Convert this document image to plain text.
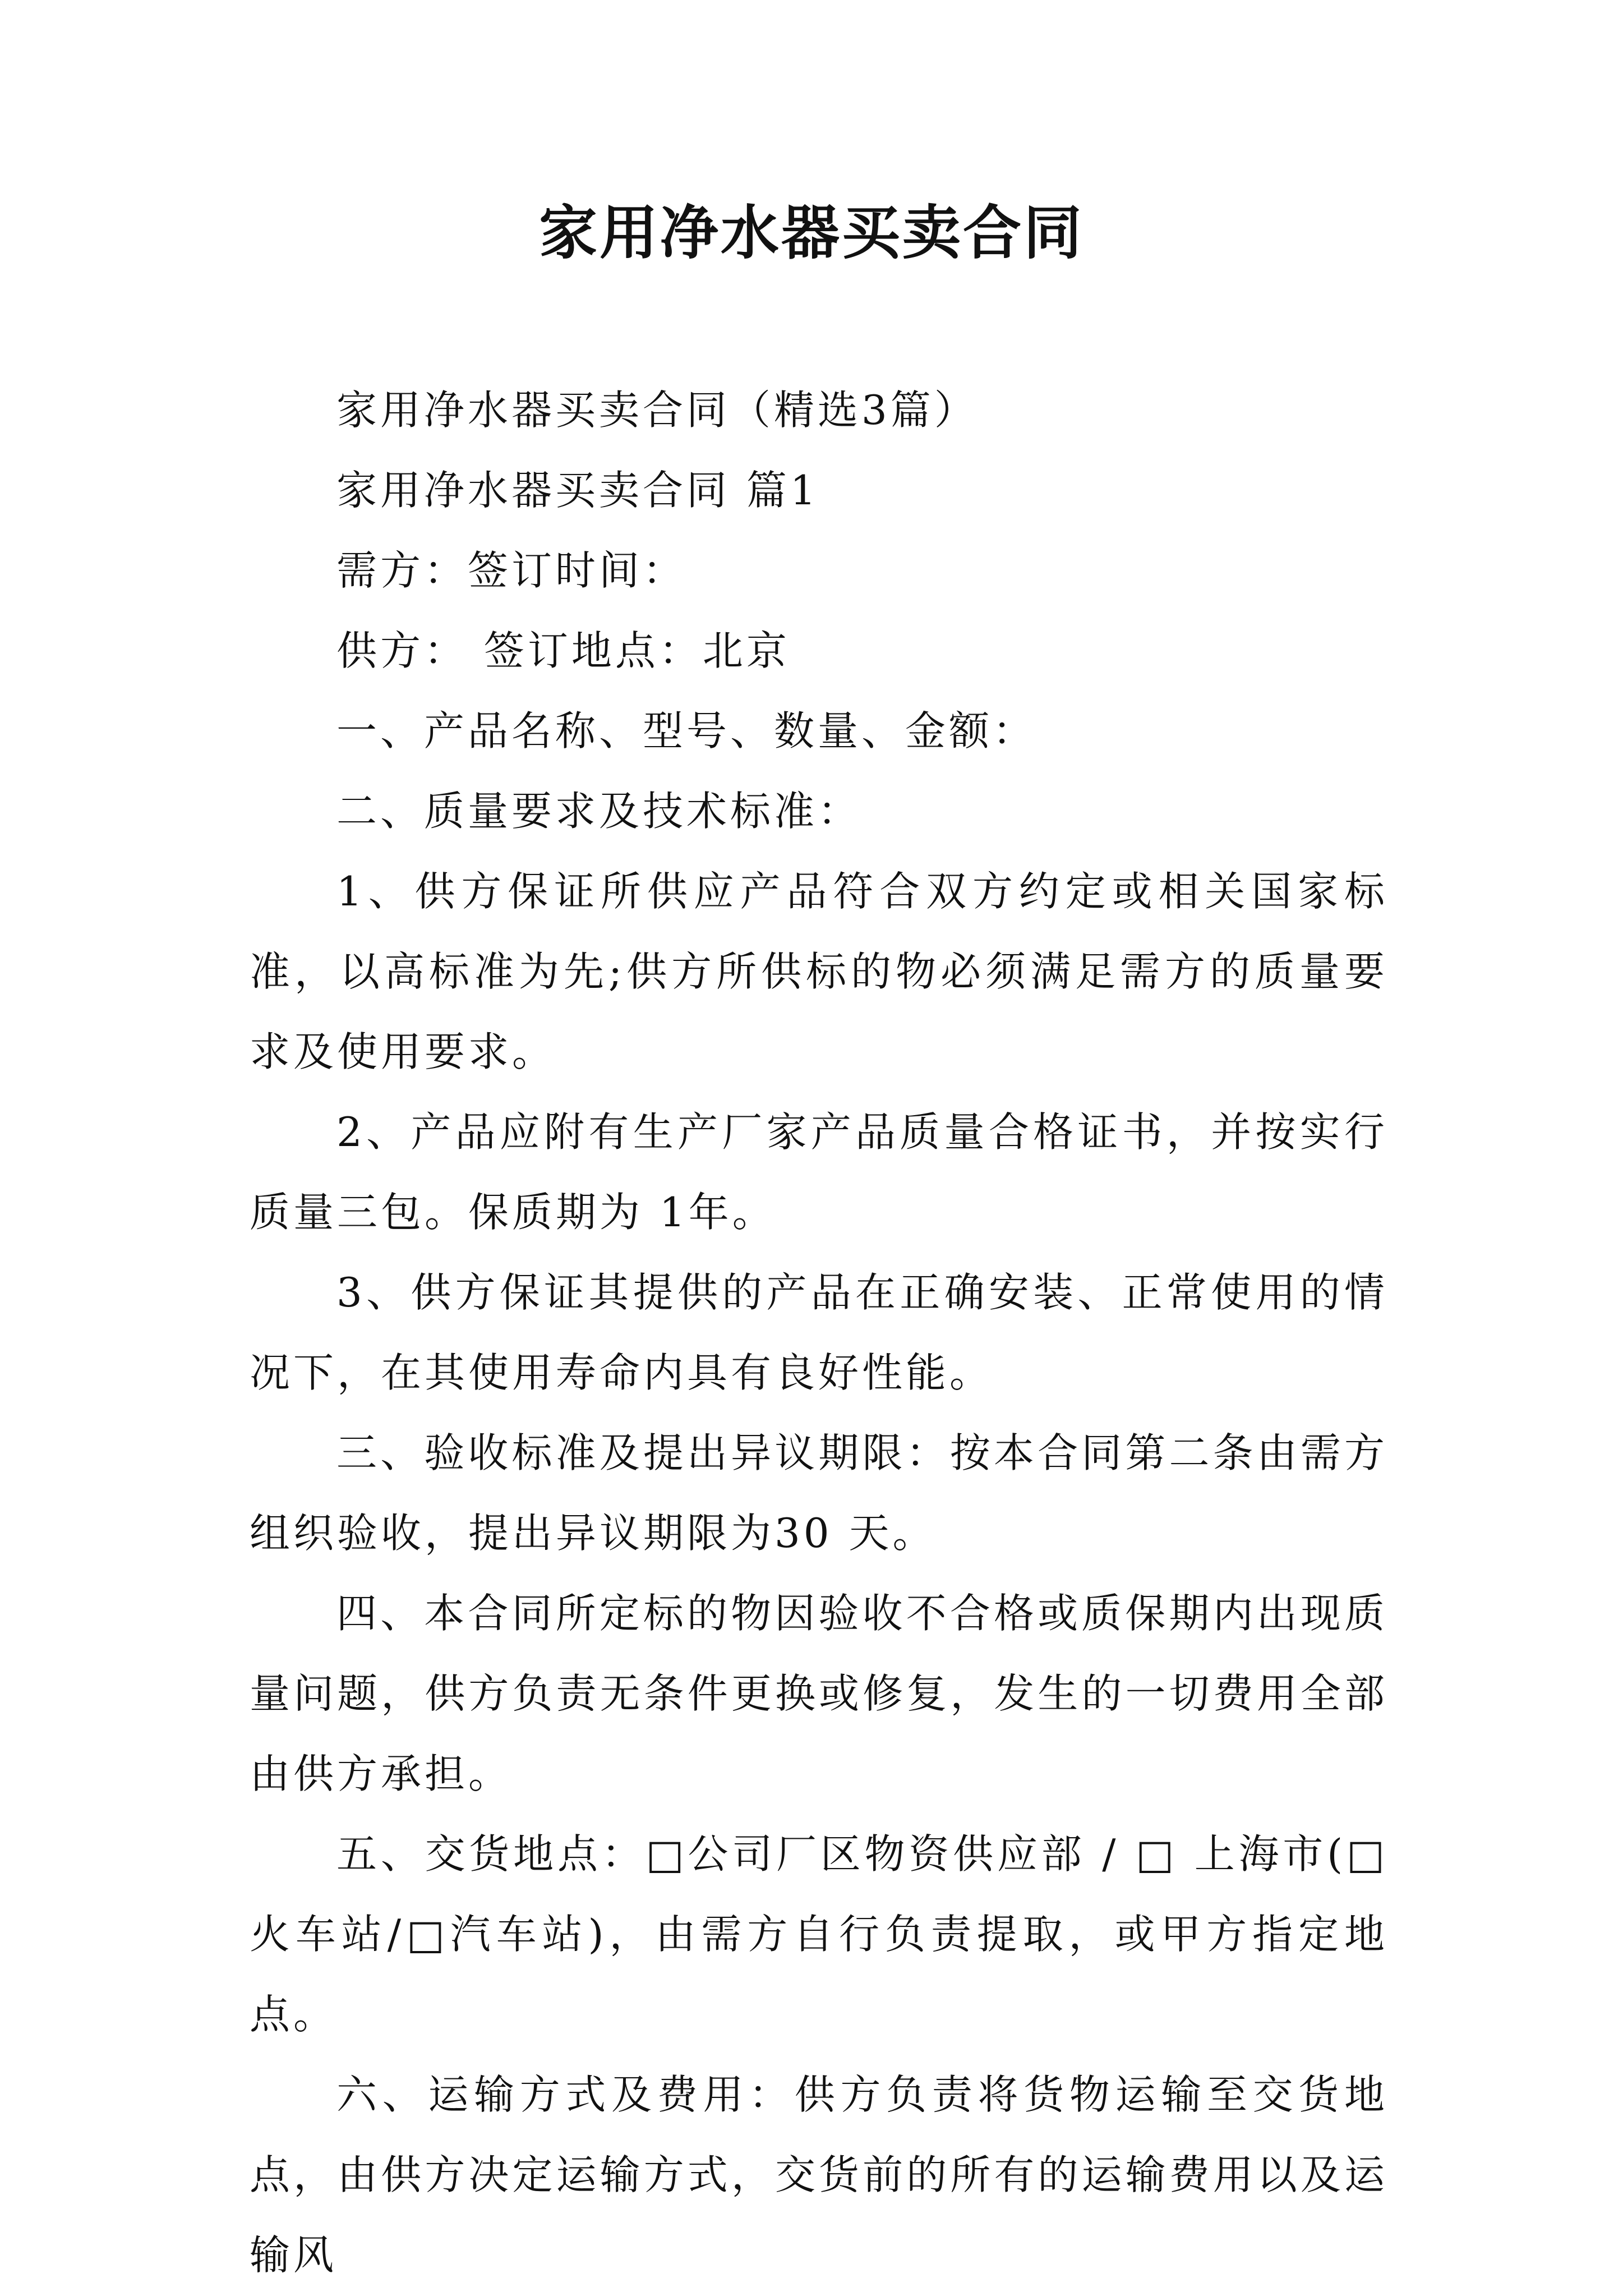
家用净水器买卖合同

家用净水器买卖合同（精选3篇）

家用净水器买卖合同 篇1

需方：签订时间：

供方： 签订地点：北京

一、产品名称、型号、数量、金额：

二、质量要求及技术标准：

1、供方保证所供应产品符合双方约定或相关国家标准，以高标准为先;供方所供标的物必须满足需方的质量要求及使用要求。

2、产品应附有生产厂家产品质量合格证书，并按实行质量三包。保质期为 1年。

3、供方保证其提供的产品在正确安装、正常使用的情况下，在其使用寿命内具有良好性能。

三、验收标准及提出异议期限：按本合同第二条由需方组织验收，提出异议期限为30 天。

四、本合同所定标的物因验收不合格或质保期内出现质量问题，供方负责无条件更换或修复，发生的一切费用全部由供方承担。

五、交货地点：□公司厂区物资供应部 / □ 上海市(□火车站/□汽车站)，由需方自行负责提取，或甲方指定地点。

六、运输方式及费用：供方负责将货物运输至交货地点，由供方决定运输方式，交货前的所有的运输费用以及运输风
